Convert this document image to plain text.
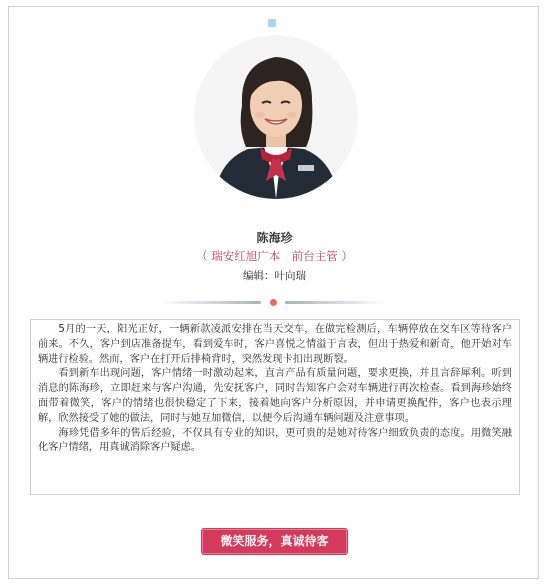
陈海珍
（ 瑞安红旭广本　前台主管 ）
编辑：叶向瑞

5月的一天，阳光正好，一辆新款凌派安排在当天交车，在做完检测后，车辆停放在交车区等待客户前来。不久，客户到店准备提车，看到爱车时，客户喜悦之情溢于言表，但出于热爱和新奇，他开始对车辆进行检验。然而，客户在打开后排椅背时，突然发现卡扣出现断裂。

看到新车出现问题，客户情绪一时激动起来，直言产品有质量问题，要求更换，并且言辞犀利。听到消息的陈海珍，立即赶来与客户沟通，先安抚客户，同时告知客户会对车辆进行再次检查。看到海珍始终面带着微笑，客户的情绪也很快稳定了下来，接着她向客户分析原因，并申请更换配件，客户也表示理解，欣然接受了她的做法，同时与她互加微信，以便今后沟通车辆问题及注意事项。

海珍凭借多年的售后经验，不仅具有专业的知识，更可贵的是她对待客户细致负责的态度。用微笑融化客户情绪，用真诚消除客户疑虑。

微笑服务，真诚待客
